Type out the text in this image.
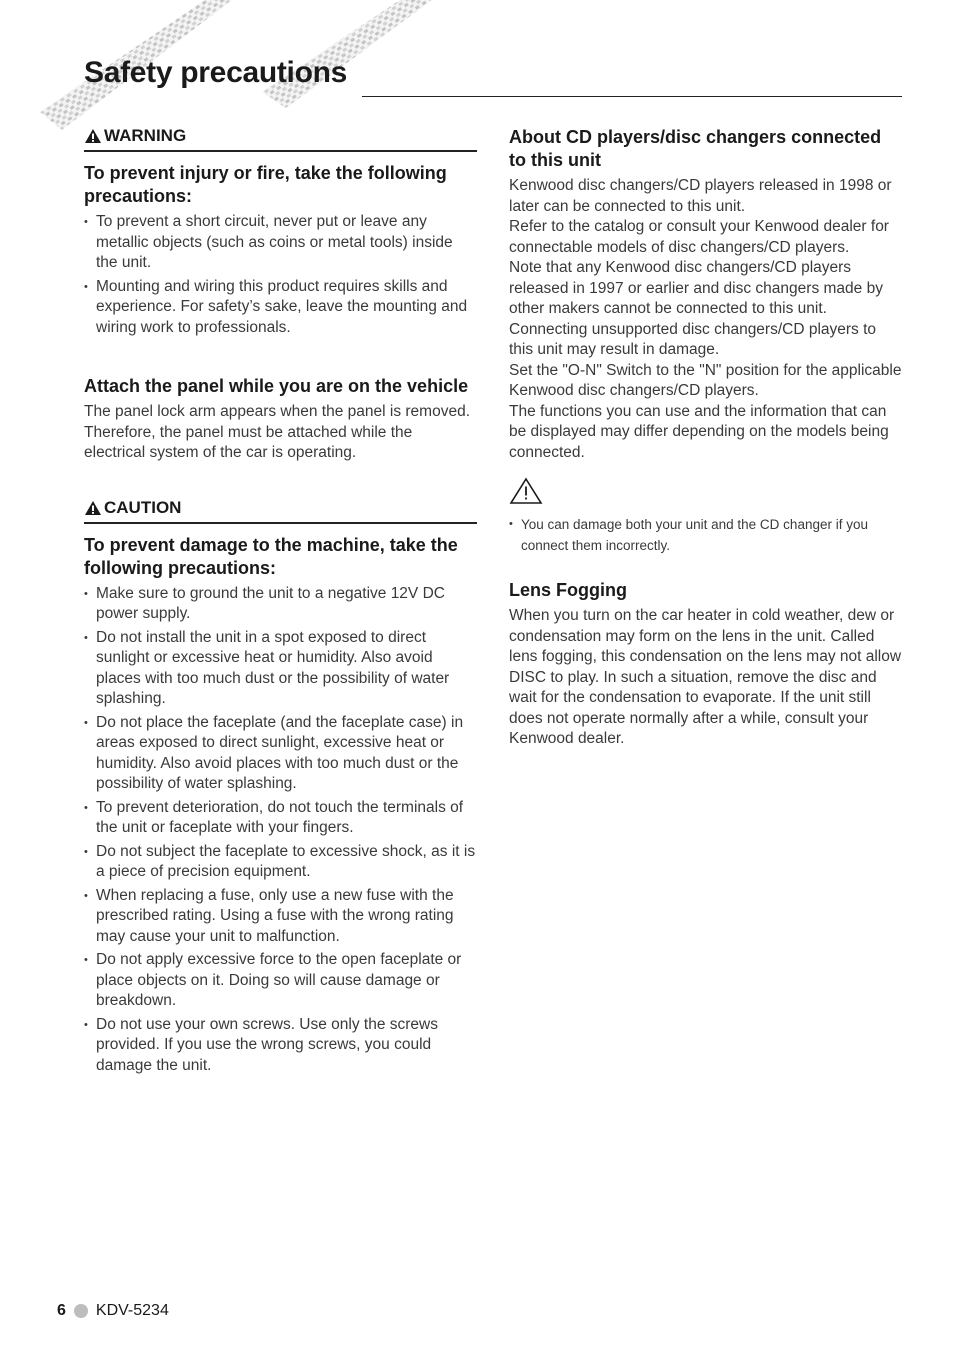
Safety precautions
WARNING
To prevent injury or fire, take the following precautions:
• To prevent a short circuit, never put or leave any metallic objects (such as coins or metal tools) inside the unit.
• Mounting and wiring this product requires skills and experience. For safety’s sake, leave the mounting and wiring work to professionals.
Attach the panel while you are on the vehicle

The panel lock arm appears when the panel is removed. Therefore, the panel must be attached while the electrical system of the car is operating.

CAUTION
To prevent damage to the machine, take the following precautions:
• Make sure to ground the unit to a negative 12V DC power supply.
• Do not install the unit in a spot exposed to direct sunlight or excessive heat or humidity. Also avoid places with too much dust or the possibility of water splashing.
• Do not place the faceplate (and the faceplate case) in areas exposed to direct sunlight, excessive heat or humidity. Also avoid places with too much dust or the possibility of water splashing.
• To prevent deterioration, do not touch the terminals of the unit or faceplate with your fingers.
• Do not subject the faceplate to excessive shock, as it is a piece of precision equipment.
• When replacing a fuse, only use a new fuse with the prescribed rating. Using a fuse with the wrong rating may cause your unit to malfunction.
• Do not apply excessive force to the open faceplate or place objects on it. Doing so will cause damage or breakdown.
• Do not use your own screws. Use only the screws provided. If you use the wrong screws, you could damage the unit.
About CD players/disc changers connected to this unit

Kenwood disc changers/CD players released in 1998 or later can be connected to this unit.

Refer to the catalog or consult your Kenwood dealer for connectable models of disc changers/CD players.

Note that any Kenwood disc changers/CD players released in 1997 or earlier and disc changers made by other makers cannot be connected to this unit.

Connecting unsupported disc changers/CD players to this unit may result in damage.

Set the "O-N" Switch to the "N" position for the applicable Kenwood disc changers/CD players.

The functions you can use and the information that can be displayed may differ depending on the models being connected.

• You can damage both your unit and the CD changer if you connect them incorrectly.
Lens Fogging

When you turn on the car heater in cold weather, dew or condensation may form on the lens in the unit. Called lens fogging, this condensation on the lens may not allow DISC to play. In such a situation, remove the disc and wait for the condensation to evaporate. If the unit still does not operate normally after a while, consult your Kenwood dealer.

6 KDV-5234
